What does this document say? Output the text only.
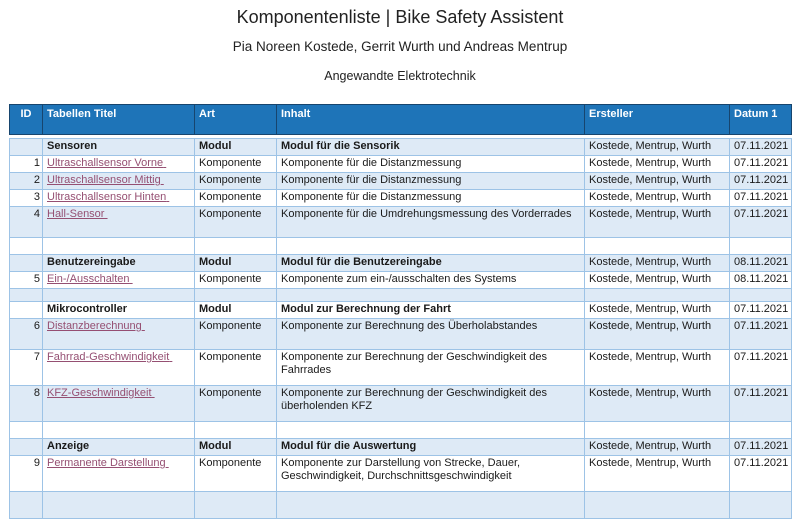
Komponentenliste | Bike Safety Assistent
Pia Noreen Kostede, Gerrit Wurth und Andreas Mentrup
Angewandte Elektrotechnik
ID	Tabellen Titel	Art	Inhalt	Ersteller	Datum 1

	Sensoren	Modul	Modul für die Sensorik	Kostede, Mentrup, Wurth	07.11.2021
1	Ultraschallsensor Vorne	Komponente	Komponente für die Distanzmessung	Kostede, Mentrup, Wurth	07.11.2021
2	Ultraschallsensor Mittig	Komponente	Komponente für die Distanzmessung	Kostede, Mentrup, Wurth	07.11.2021
3	Ultraschallsensor Hinten	Komponente	Komponente für die Distanzmessung	Kostede, Mentrup, Wurth	07.11.2021
4	Hall-Sensor	Komponente	Komponente für die Umdrehungsmessung des Vorderrades	Kostede, Mentrup, Wurth	07.11.2021

	Benutzereingabe	Modul	Modul für die Benutzereingabe	Kostede, Mentrup, Wurth	08.11.2021
5	Ein-/Ausschalten	Komponente	Komponente zum ein-/ausschalten des Systems	Kostede, Mentrup, Wurth	08.11.2021

	Mikrocontroller	Modul	Modul zur Berechnung der Fahrt	Kostede, Mentrup, Wurth	07.11.2021
6	Distanzberechnung	Komponente	Komponente zur Berechnung des Überholabstandes	Kostede, Mentrup, Wurth	07.11.2021
7	Fahrrad-Geschwindigkeit	Komponente	Komponente zur Berechnung der Geschwindigkeit des Fahrrades	Kostede, Mentrup, Wurth	07.11.2021
8	KFZ-Geschwindigkeit	Komponente	Komponente zur Berechnung der Geschwindigkeit des überholenden KFZ	Kostede, Mentrup, Wurth	07.11.2021

	Anzeige	Modul	Modul für die Auswertung	Kostede, Mentrup, Wurth	07.11.2021
9	Permanente Darstellung	Komponente	Komponente zur Darstellung von Strecke, Dauer, Geschwindigkeit, Durchschnittsgeschwindigkeit	Kostede, Mentrup, Wurth	07.11.2021
